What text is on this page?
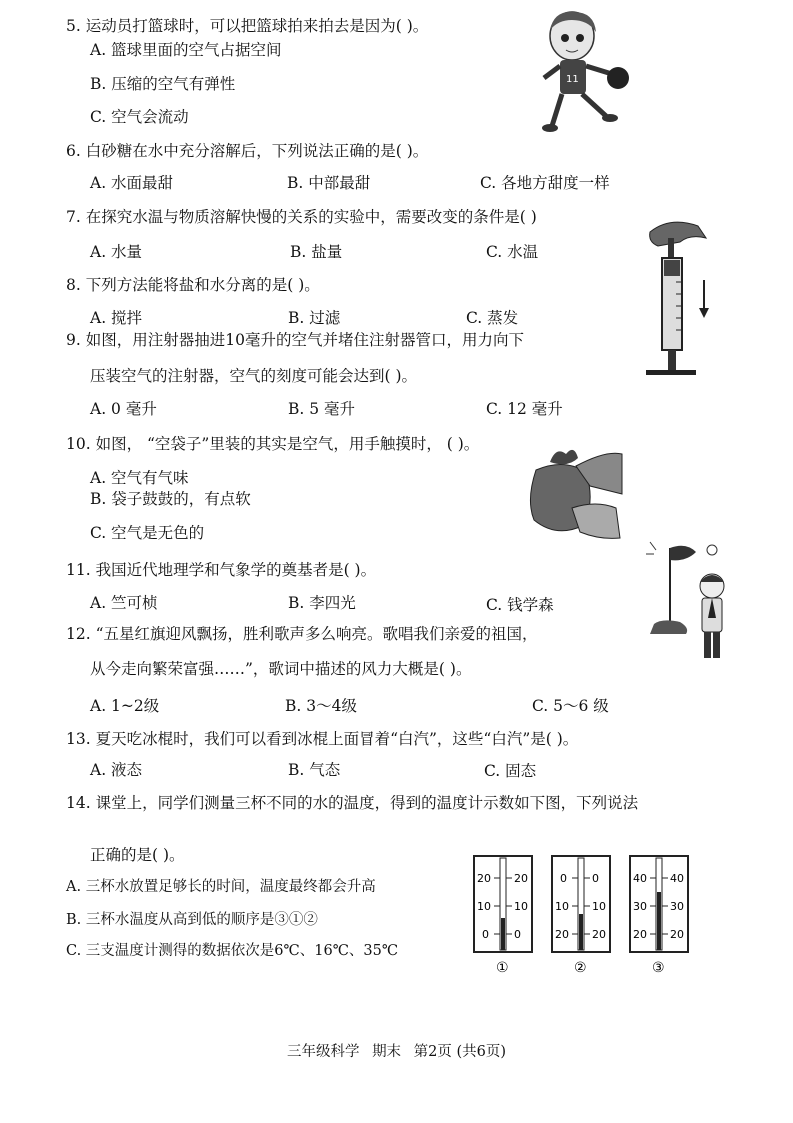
5. 运动员打篮球时，可以把篮球拍来拍去是因为( )。
A. 篮球里面的空气占据空间
B. 压缩的空气有弹性
C. 空气会流动
11
6. 白砂糖在水中充分溶解后，下列说法正确的是( )。
A. 水面最甜	B. 中部最甜	C. 各地方甜度一样
7. 在探究水温与物质溶解快慢的关系的实验中，需要改变的条件是( )
A. 水量	B. 盐量	C. 水温
8. 下列方法能将盐和水分离的是( )。
A. 搅拌	B. 过滤	C. 蒸发
9. 如图，用注射器抽进10毫升的空气并堵住注射器管口，用力向下
压装空气的注射器，空气的刻度可能会达到( )。
A. 0 毫升	B. 5 毫升	C. 12 毫升
10. 如图， “空袋子”里装的其实是空气，用手触摸时， ( )。
A. 空气有气味
B. 袋子鼓鼓的，有点软
C. 空气是无色的
11. 我国近代地理学和气象学的奠基者是( )。
A. 竺可桢	B. 李四光	C. 钱学森
12. “五星红旗迎风飘扬，胜利歌声多么响亮。歌唱我们亲爱的祖国，
从今走向繁荣富强……”，歌词中描述的风力大概是( )。
A. 1~2级	B. 3～4级	C. 5～6 级
13. 夏天吃冰棍时，我们可以看到冰棍上面冒着“白汽”，这些“白汽”是( )。
A. 液态	B. 气态	C. 固态
14. 课堂上，同学们测量三杯不同的水的温度，得到的温度计示数如下图，下列说法
正确的是( )。
A. 三杯水放置足够长的时间，温度最终都会升高
B. 三杯水温度从高到低的顺序是③①②
C. 三支温度计测得的数据依次是6℃、16℃、35℃
20 20
10 10
0 0
①
0 0
10 10
20 20
②
40 40
30 30
20 20
③
三年级科学 期末 第2页 (共6页)
